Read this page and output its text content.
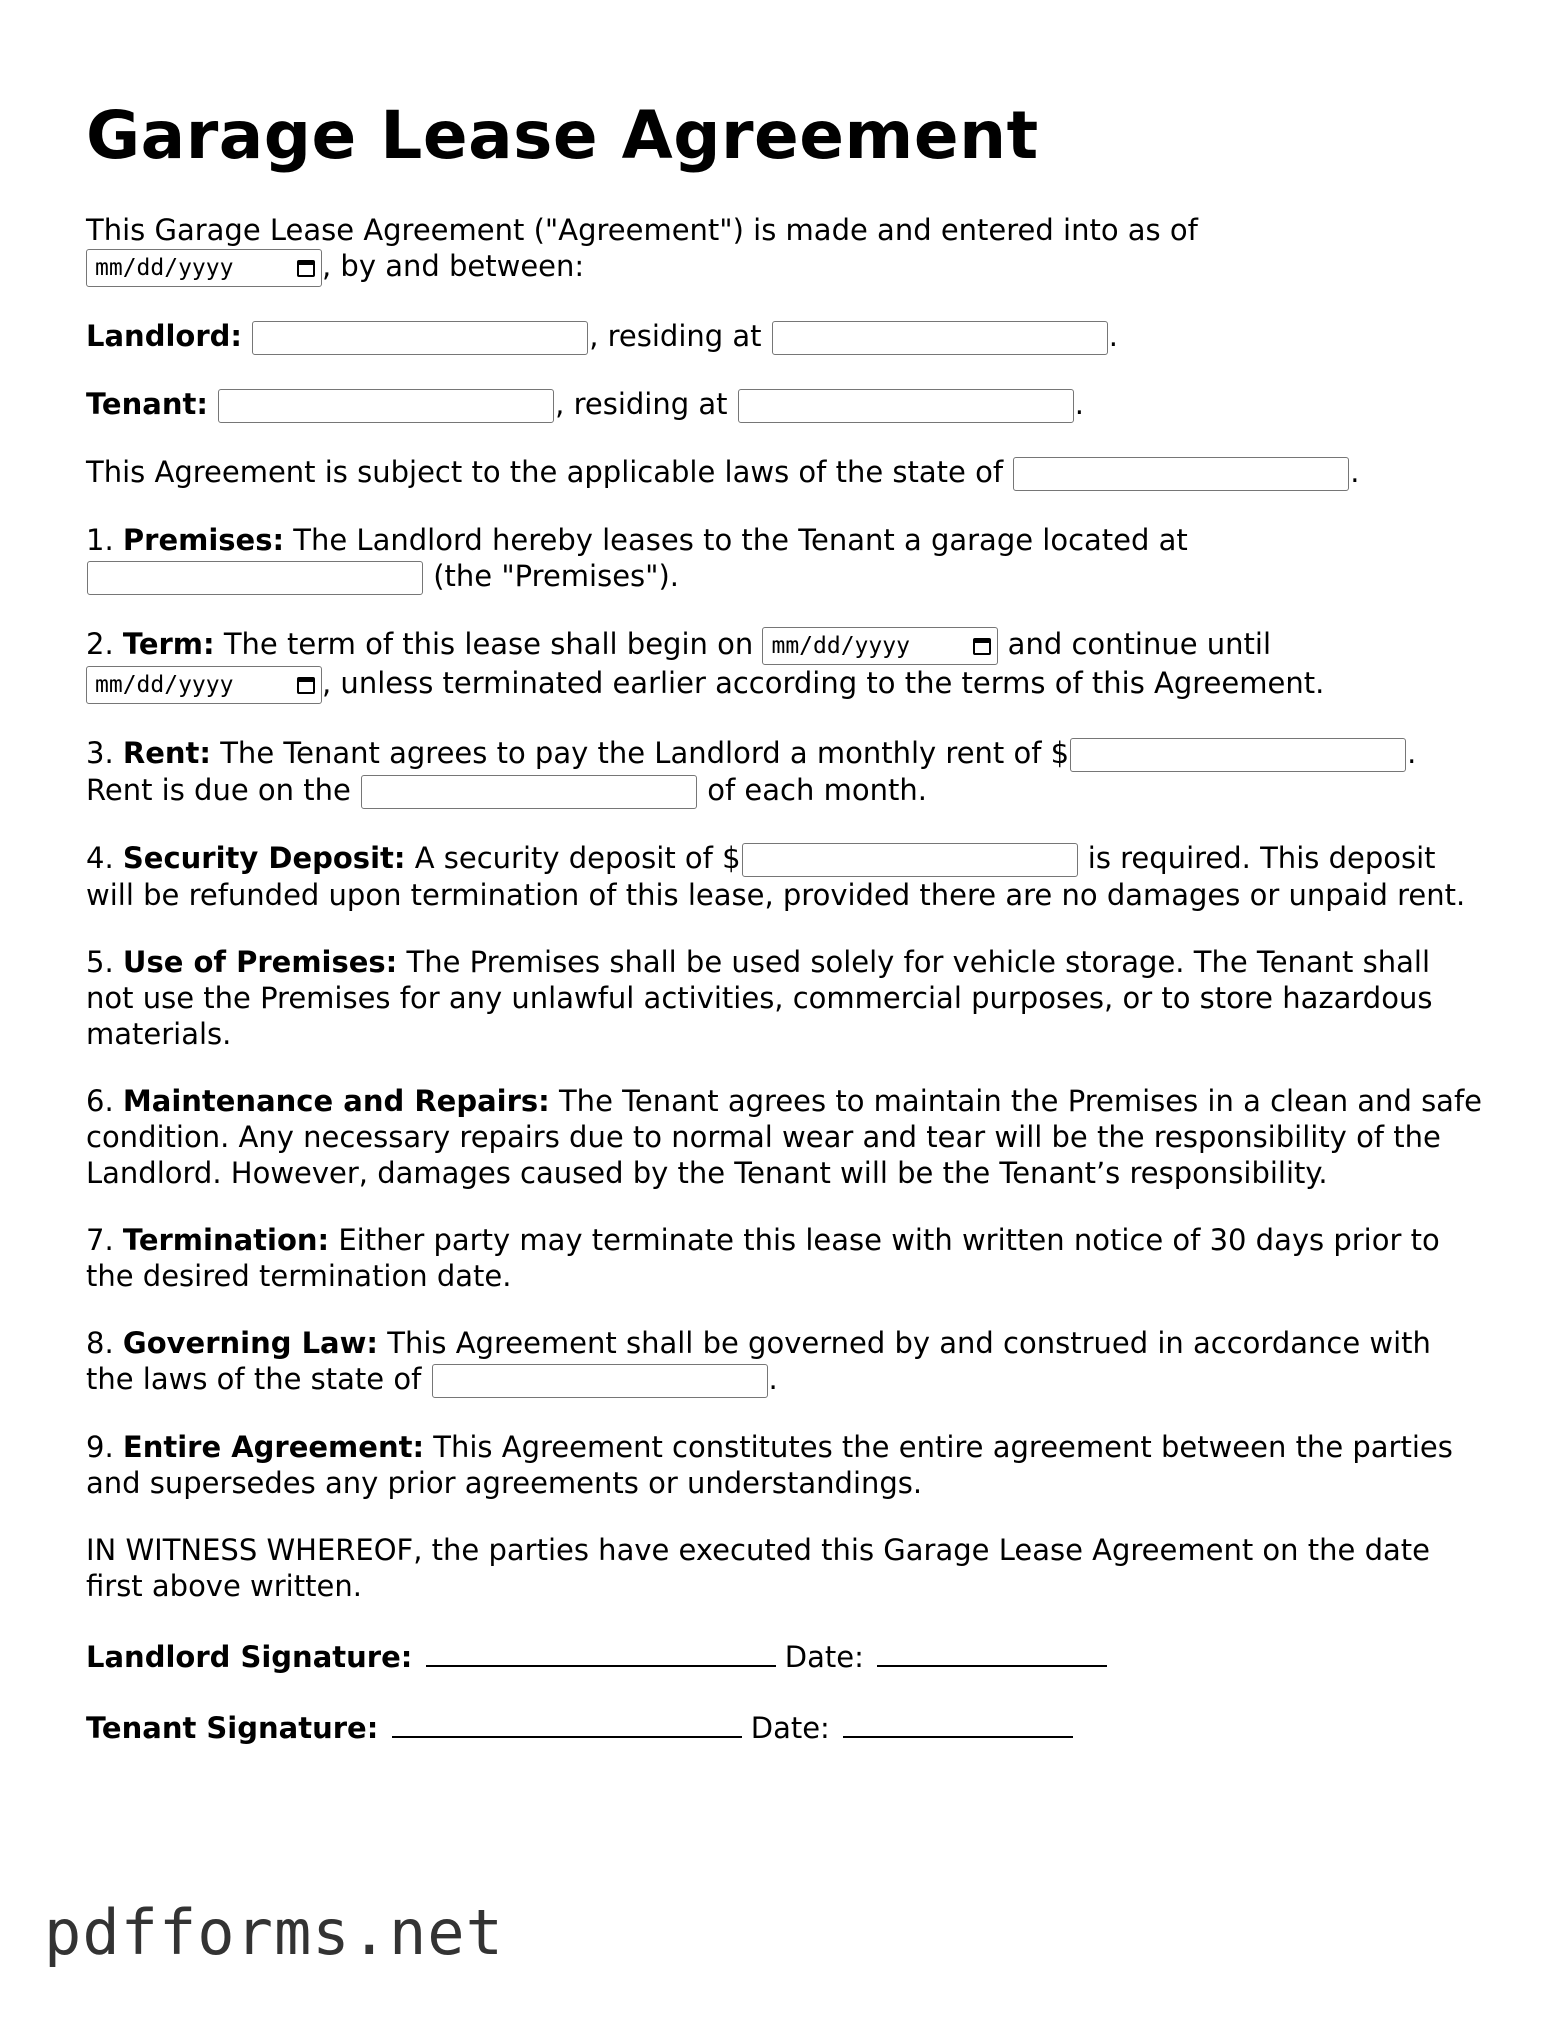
Garage Lease Agreement

This Garage Lease Agreement ("Agreement") is made and entered into as of

mm/dd/yyyy	, by and between:

Landlord:	, residing at	.

Tenant:	, residing at	.

This Agreement is subject to the applicable laws of the state of	.

1. Premises: The Landlord hereby leases to the Tenant a garage located at
(the "Premises").

2. Term: The term of this lease shall begin on mm/dd/yyyy	and continue until

mm/dd/yyyy	, unless terminated earlier according to the terms of this Agreement.

3. Rent: The Tenant agrees to pay the Landlord a monthly rent of $	.
Rent is due on the	of each month.

4. Security Deposit: A security deposit of $	is required. This deposit will be refunded upon termination of this lease, provided there are no damages or unpaid rent.

5. Use of Premises: The Premises shall be used solely for vehicle storage. The Tenant shall not use the Premises for any unlawful activities, commercial purposes, or to store hazardous materials.

6. Maintenance and Repairs: The Tenant agrees to maintain the Premises in a clean and safe condition. Any necessary repairs due to normal wear and tear will be the responsibility of the Landlord. However, damages caused by the Tenant will be the Tenant’s responsibility.

7. Termination: Either party may terminate this lease with written notice of 30 days prior to the desired termination date.

8. Governing Law: This Agreement shall be governed by and construed in accordance with the laws of the state of	.

9. Entire Agreement: This Agreement constitutes the entire agreement between the parties and supersedes any prior agreements or understandings.

IN WITNESS WHEREOF, the parties have executed this Garage Lease Agreement on the date first above written.

Landlord Signature:	Date:

Tenant Signature:	Date:

pdfforms.net
